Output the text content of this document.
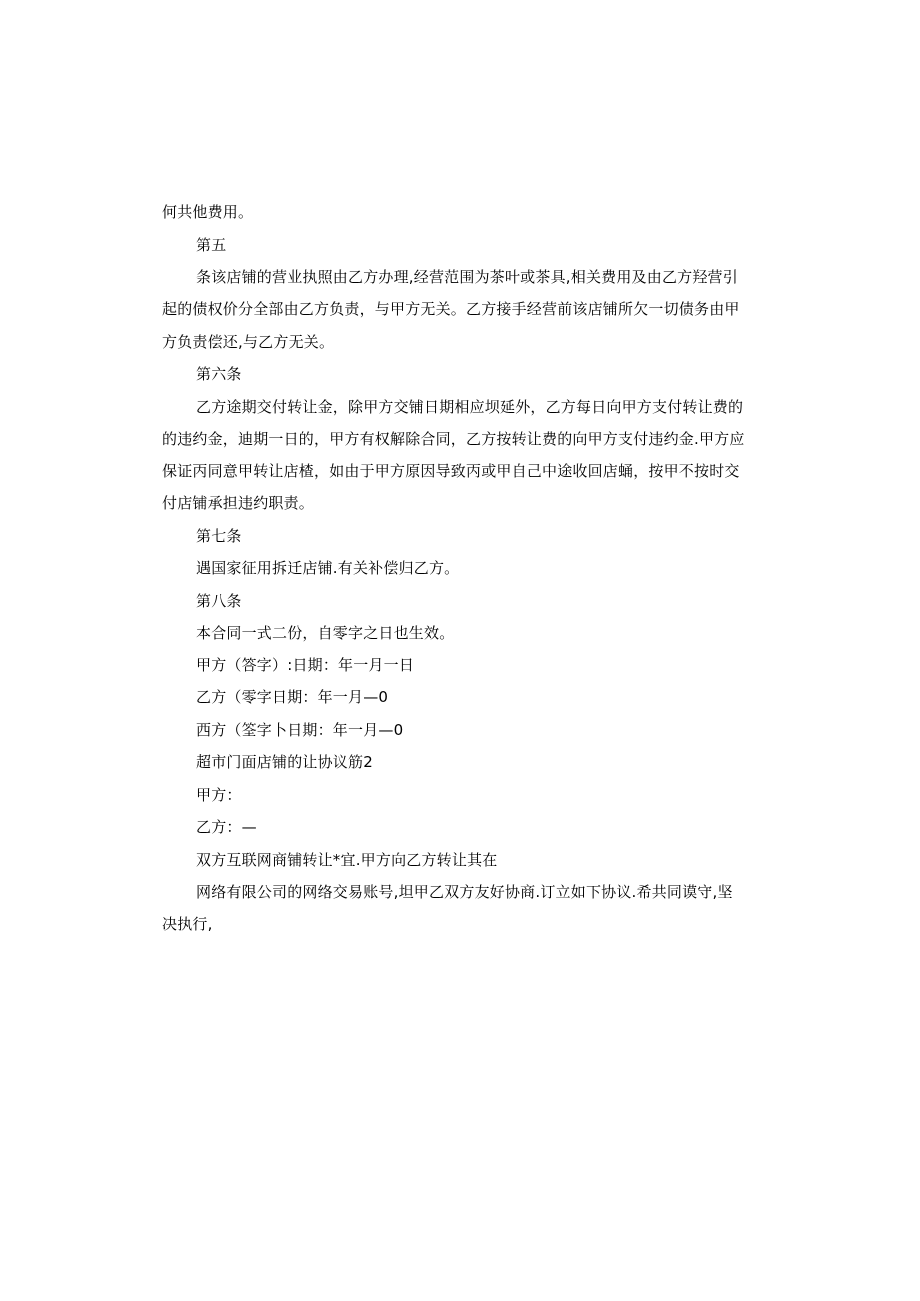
何共他费用。
第五
条该店铺的营业执照由乙方办理,经营范围为茶叶或茶具,相关费用及由乙方羟营引
起的债权价分全部由乙方负责，与甲方无关。乙方接手经营前该店铺所欠一切债务由甲
方负责偿还,与乙方无关。
第六条
乙方途期交付转让金，除甲方交铺日期相应坝延外，乙方每日向甲方支付转让费的
的违约金，迪期一日的，甲方有权解除合同，乙方按转让费的向甲方支付违约金.甲方应
保证丙同意甲转让店楂，如由于甲方原因导致丙或甲自己中途收回店蛹，按甲不按时交
付店铺承担违约职责。
第七条
遇国家征用拆迁店铺.有关补偿归乙方。
第八条
本合同一式二份，自零字之日也生效。
甲方（答字）:日期：年一月一日
乙方（零字日期：年一月—0
西方（筌字卜日期：年一月—0
超市门面店铺的让协议筋2
甲方：
乙方：—
双方互联网商铺转让*宜.甲方向乙方转让其在
网络有限公司的网络交易账号,坦甲乙双方友好协商.订立如下协议.希共同谟守,坚
决执行,
